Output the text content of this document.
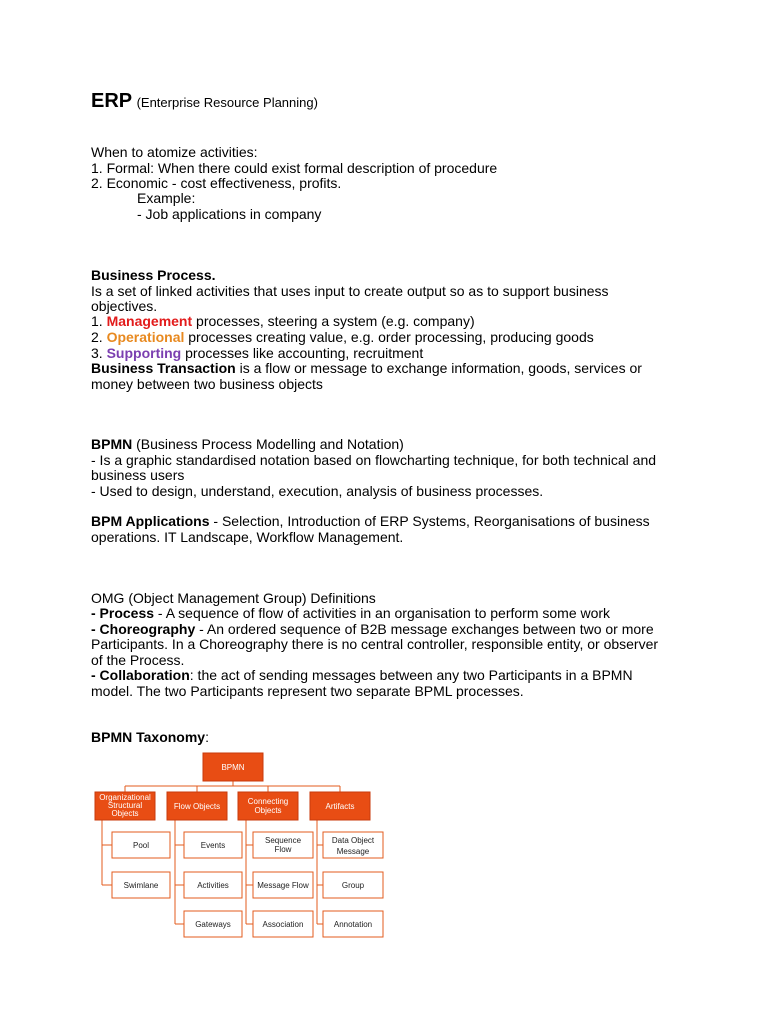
ERP (Enterprise Resource Planning)
When to atomize activities:
1. Formal: When there could exist formal description of procedure
2. Economic - cost effectiveness, profits.
Example:
- Job applications in company
Business Process.
Is a set of linked activities that uses input to create output so as to support business
objectives.
1. Management processes, steering a system (e.g. company)
2. Operational processes creating value, e.g. order processing, producing goods
3. Supporting processes like accounting, recruitment
Business Transaction is a flow or message to exchange information, goods, services or
money between two business objects
BPMN (Business Process Modelling and Notation)
- Is a graphic standardised notation based on flowcharting technique, for both technical and
business users
- Used to design, understand, execution, analysis of business processes.
BPM Applications - Selection, Introduction of ERP Systems, Reorganisations of business
operations. IT Landscape, Workflow Management.
OMG (Object Management Group) Definitions
- Process - A sequence of flow of activities in an organisation to perform some work
- Choreography - An ordered sequence of B2B message exchanges between two or more
Participants. In a Choreography there is no central controller, responsible entity, or observer
of the Process.
- Collaboration: the act of sending messages between any two Participants in a BPMN
model. The two Participants represent two separate BPML processes.
BPMN Taxonomy:
BPMN
Organizational
Structural
Objects
Flow Objects
Connecting
Objects	Artifacts
Pool
Swimlane
Events
Activities
Gateways
Sequence
Flow
Message Flow
Association
Data Object
Message
Group
Annotation
